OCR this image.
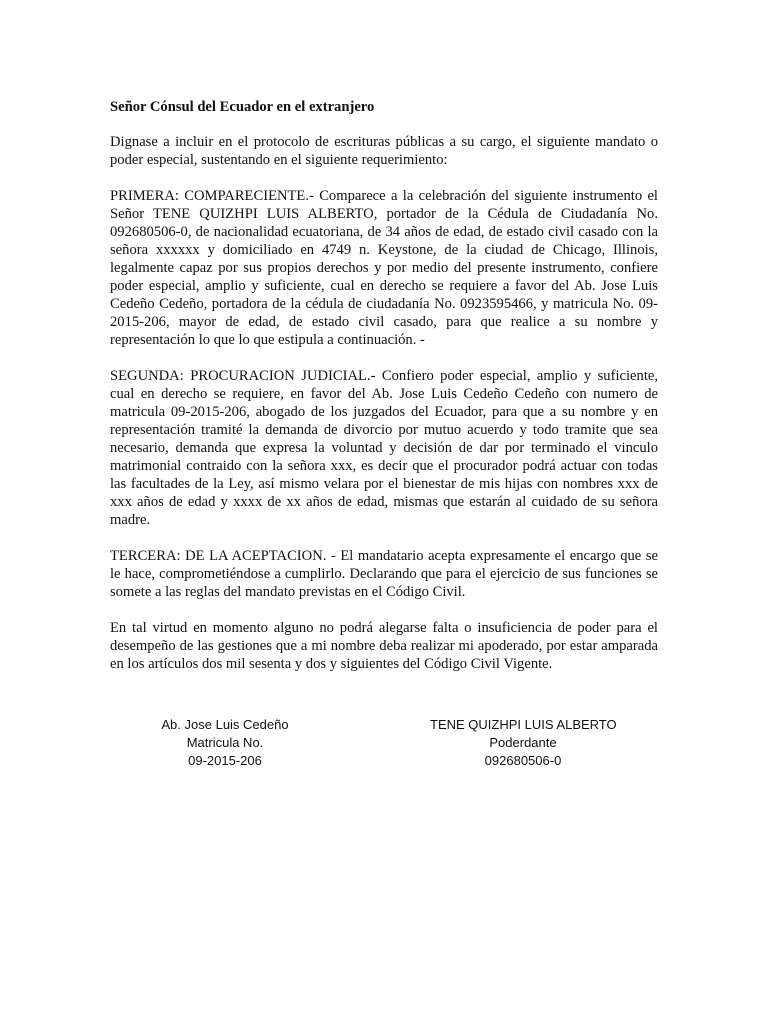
Señor Cónsul del Ecuador en el extranjero

Dignase a incluir en el protocolo de escrituras públicas a su cargo, el siguiente mandato o poder especial, sustentando en el siguiente requerimiento:

PRIMERA: COMPARECIENTE.- Comparece a la celebración del siguiente instrumento el Señor TENE QUIZHPI LUIS ALBERTO, portador de la Cédula de Ciudadanía No. 092680506-0, de nacionalidad ecuatoriana, de 34 años de edad, de estado civil casado con la señora xxxxxx y domiciliado en 4749 n. Keystone, de la ciudad de Chicago, Illinois, legalmente capaz por sus propios derechos y por medio del presente instrumento, confiere poder especial, amplio y suficiente, cual en derecho se requiere a favor del Ab. Jose Luis Cedeño Cedeño, portadora de la cédula de ciudadanía No. 0923595466, y matricula No. 09-2015-206, mayor de edad, de estado civil casado, para que realice a su nombre y representación lo que lo que estipula a continuación. -

SEGUNDA: PROCURACION JUDICIAL.- Confiero poder especial, amplio y suficiente, cual en derecho se requiere, en favor del Ab. Jose Luis Cedeño Cedeño con numero de matricula 09-2015-206, abogado de los juzgados del Ecuador, para que a su nombre y en representación tramité la demanda de divorcio por mutuo acuerdo y todo tramite que sea necesario, demanda que expresa la voluntad y decisión de dar por terminado el vinculo matrimonial contraido con la señora xxx, es decir que el procurador podrá actuar con todas las facultades de la Ley, así mismo velara por el bienestar de mis hijas con nombres xxx de xxx años de edad y xxxx de xx años de edad, mismas que estarán al cuidado de su señora madre.

TERCERA: DE LA ACEPTACION. - El mandatario acepta expresamente el encargo que se le hace, comprometiéndose a cumplirlo. Declarando que para el ejercicio de sus funciones se somete a las reglas del mandato previstas en el Código Civil.

En tal virtud en momento alguno no podrá alegarse falta o insuficiencia de poder para el desempeño de las gestiones que a mi nombre deba realizar mi apoderado, por estar amparada en los artículos dos mil sesenta y dos y siguientes del Código Civil Vigente.

Ab. Jose Luis Cedeño
Matricula No.
09-2015-206
TENE QUIZHPI LUIS ALBERTO
Poderdante
092680506-0
